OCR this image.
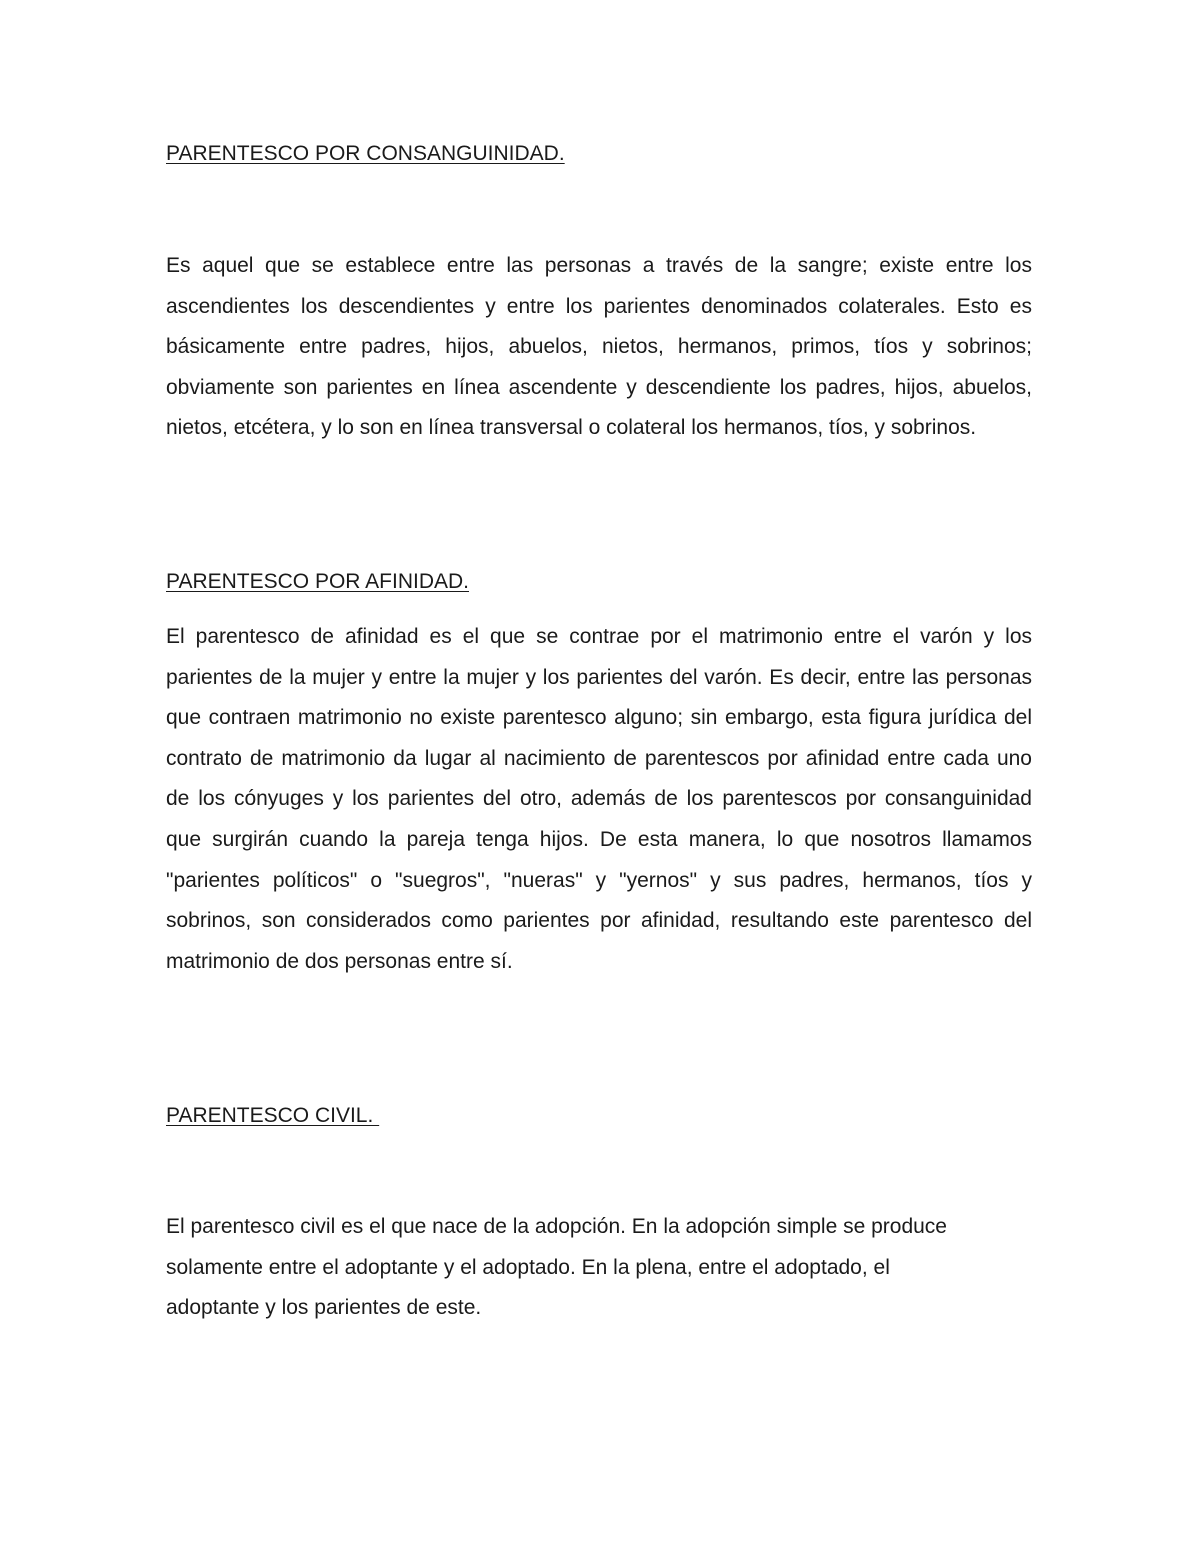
PARENTESCO POR CONSANGUINIDAD.

Es aquel que se establece entre las personas a través de la sangre; existe entre los ascendientes los descendientes y entre los parientes denominados colaterales. Esto es básicamente entre padres, hijos, abuelos, nietos, hermanos, primos, tíos y sobrinos; obviamente son parientes en línea ascendente y descendiente los padres, hijos, abuelos, nietos, etcétera, y lo son en línea transversal o colateral los hermanos, tíos, y sobrinos.

PARENTESCO POR AFINIDAD.

El parentesco de afinidad es el que se contrae por el matrimonio entre el varón y los parientes de la mujer y entre la mujer y los parientes del varón. Es decir, entre las personas que contraen matrimonio no existe parentesco alguno; sin embargo, esta figura jurídica del contrato de matrimonio da lugar al nacimiento de parentescos por afinidad entre cada uno de los cónyuges y los parientes del otro, además de los parentescos por consanguinidad que surgirán cuando la pareja tenga hijos. De esta manera, lo que nosotros llamamos "parientes políticos" o "suegros", "nueras" y "yernos" y sus padres, hermanos, tíos y sobrinos, son considerados como parientes por afinidad, resultando este parentesco del matrimonio de dos personas entre sí.

PARENTESCO CIVIL.

El parentesco civil es el que nace de la adopción. En la adopción simple se produce solamente entre el adoptante y el adoptado. En la plena, entre el adoptado, el adoptante y los parientes de este.
